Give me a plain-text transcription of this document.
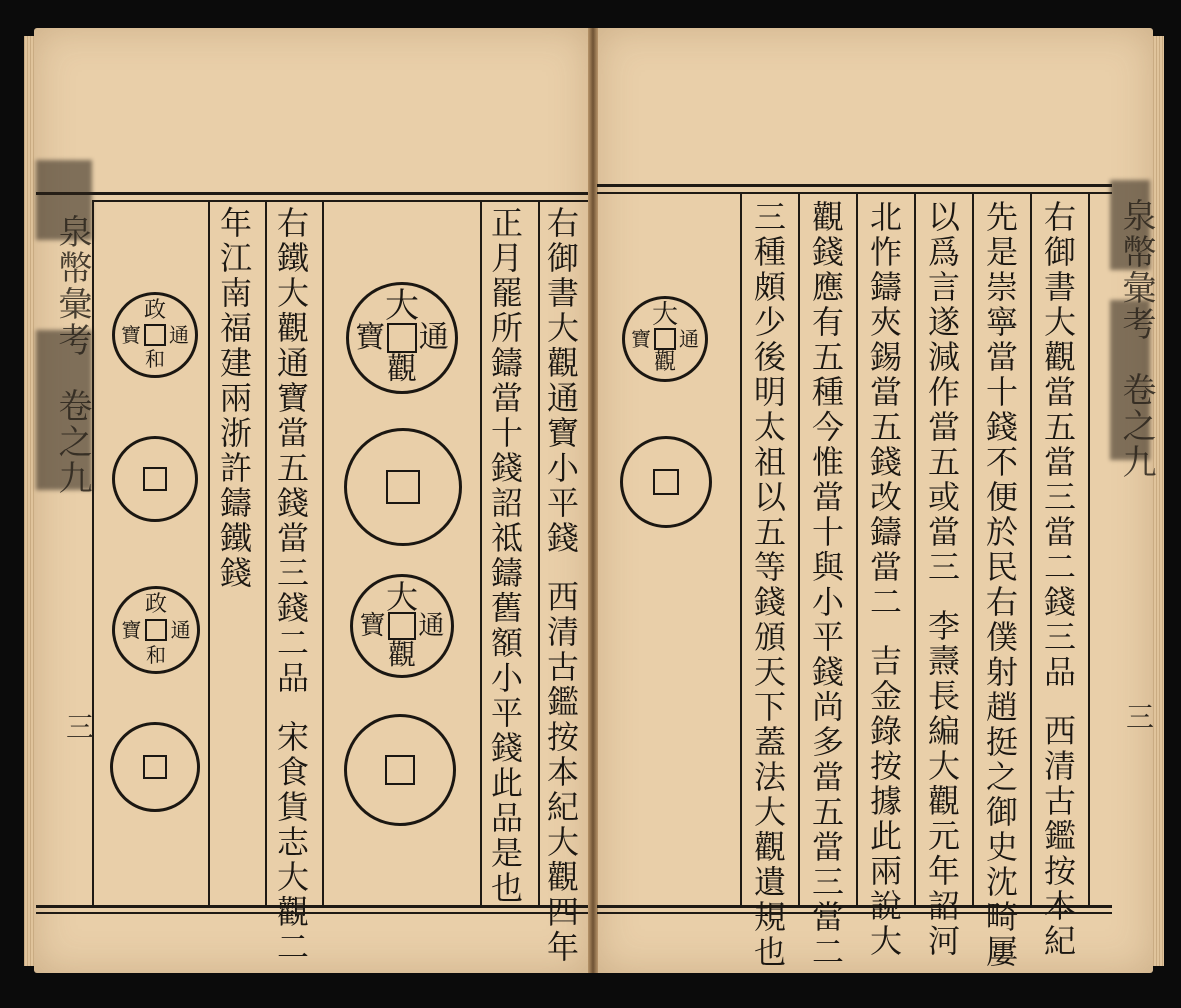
泉幣彙考
卷之九
三
泉幣彙考
卷之九
三
右御書大觀通寶小平錢西清古鑑按本紀大觀四年
正月罷所鑄當十錢詔祗鑄舊額小平錢此品是也
右鐵大觀通寶當五錢當三錢二品宋食貨志大觀二
年江南福建兩浙許鑄鐵錢	大
通
觀
寶
大
通
觀
寶
政
通
和
寶
政
通
和
寶
大
通
觀
寶	右御書大觀當五當三當二錢三品西清古鑑按本紀
先是崇寧當十錢不便於民右僕射趙挺之御史沈畸屢
以爲言遂減作當五或當三李燾長編大觀元年詔河
北怍鑄夾錫當五錢改鑄當二吉金錄按據此兩說大
觀錢應有五種今惟當十與小平錢尚多當五當三當二
三種頗少後明太祖以五等錢頒天下蓋法大觀遺規也
